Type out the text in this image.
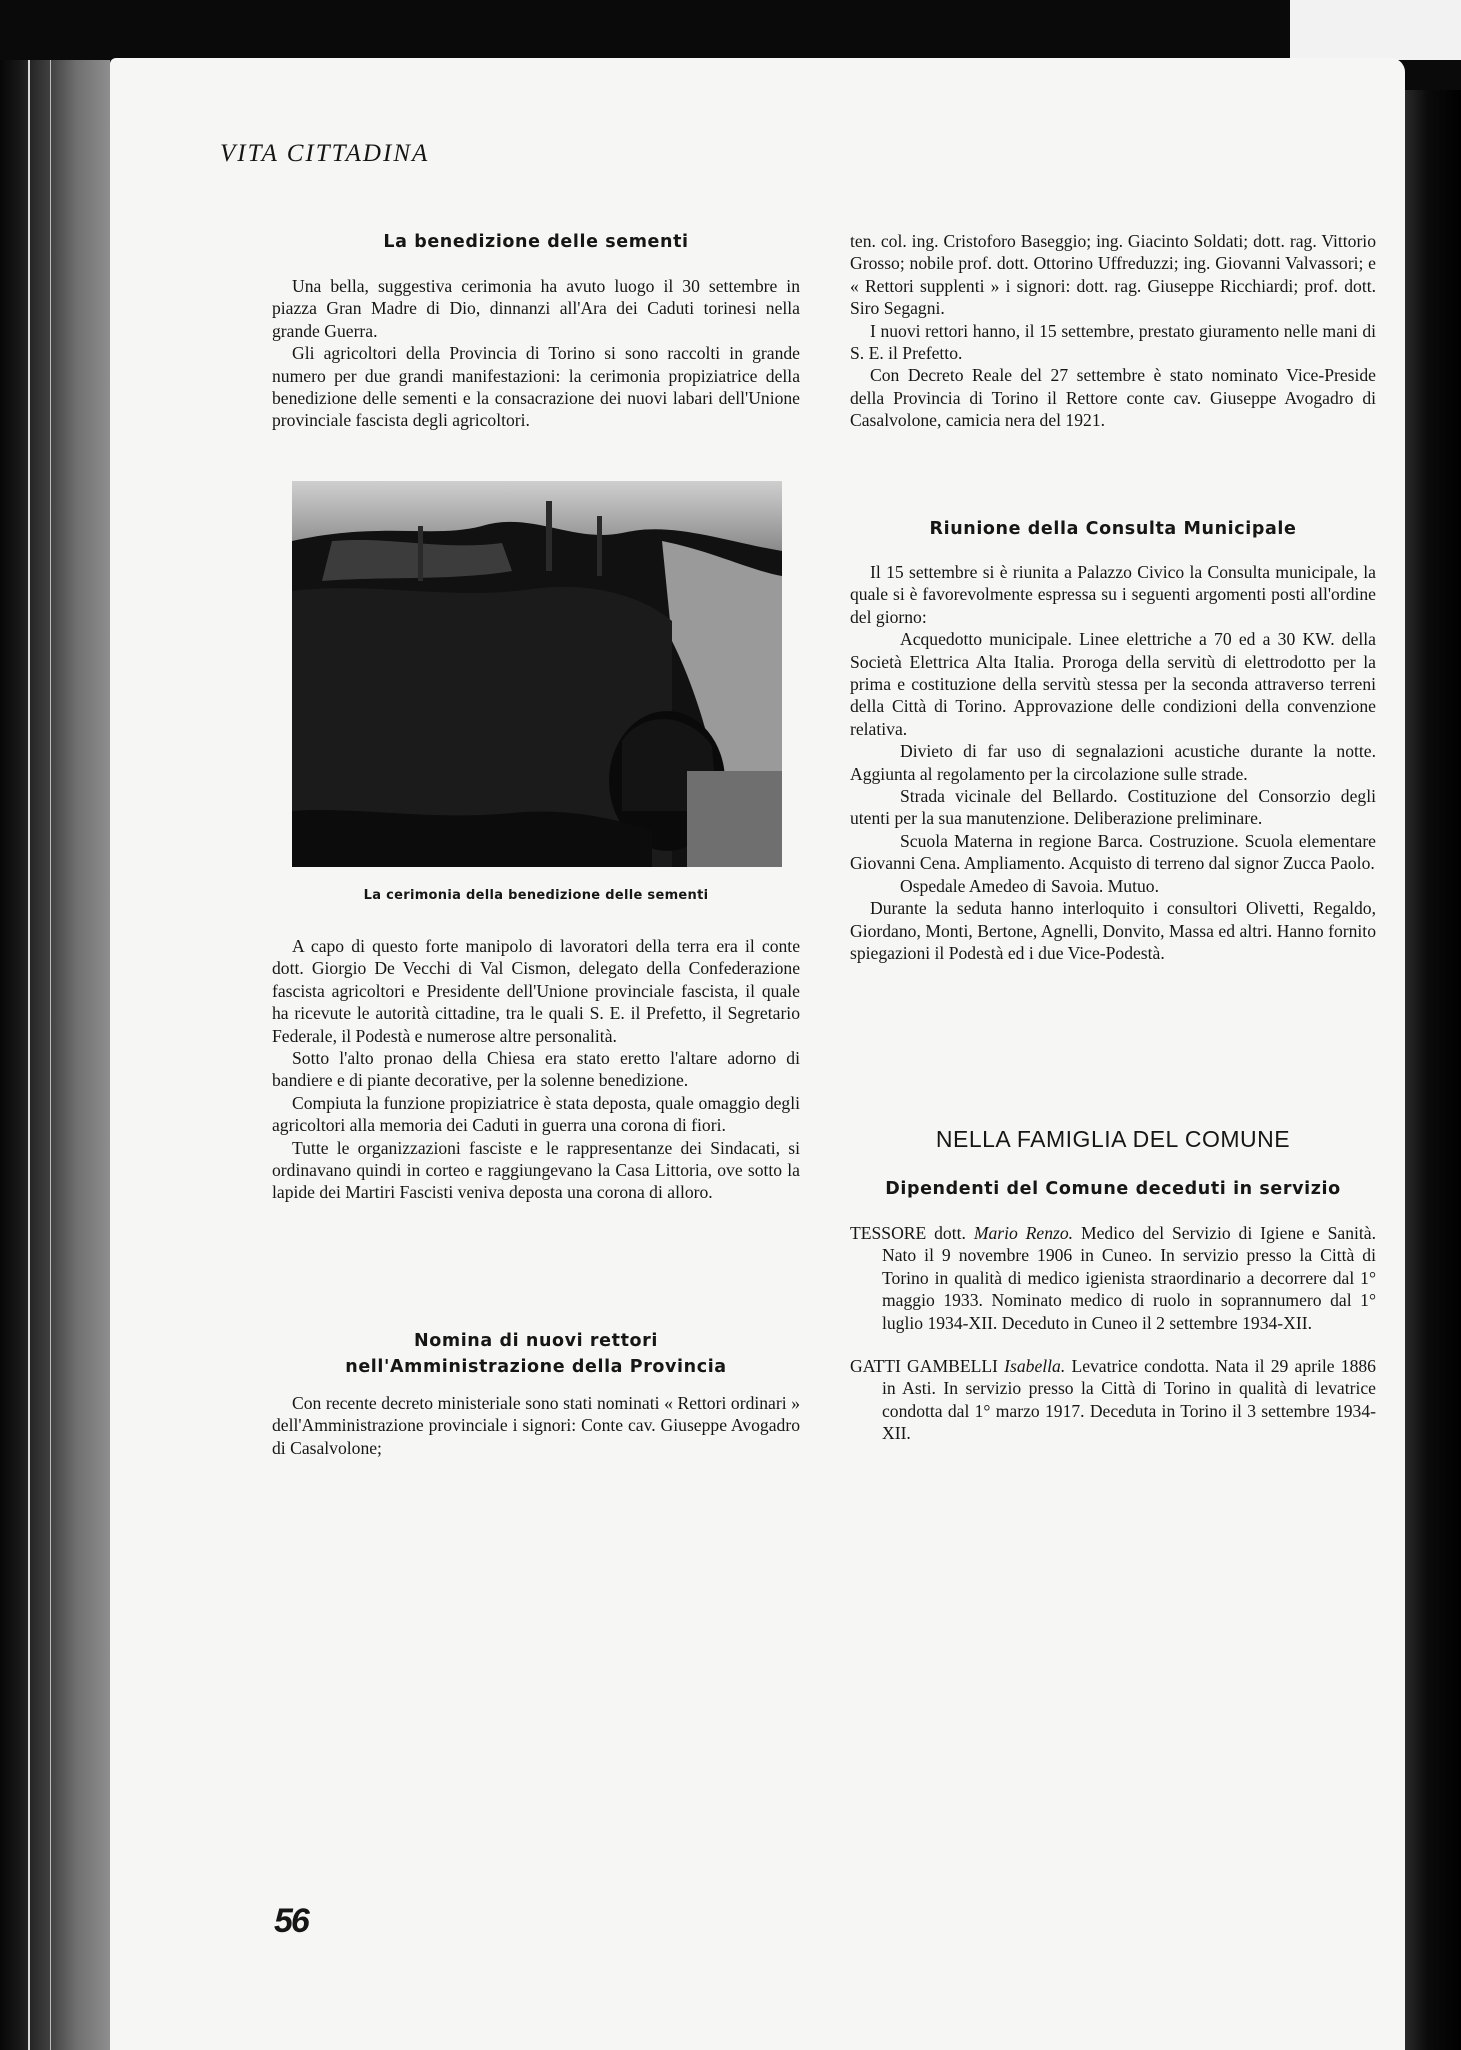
VITA CITTADINA
La benedizione delle sementi

Una bella, suggestiva cerimonia ha avuto luogo il 30 settembre in piazza Gran Madre di Dio, dinnanzi all'Ara dei Caduti torinesi nella grande Guerra.

Gli agricoltori della Provincia di Torino si sono raccolti in grande numero per due grandi manifestazioni: la cerimonia propiziatrice della benedizione delle sementi e la consacrazione dei nuovi labari dell'Unione provinciale fascista degli agricoltori.

La cerimonia della benedizione delle sementi

A capo di questo forte manipolo di lavoratori della terra era il conte dott. Giorgio De Vecchi di Val Cismon, delegato della Confederazione fascista agricoltori e Presidente dell'Unione provinciale fascista, il quale ha ricevute le autorità cittadine, tra le quali S. E. il Prefetto, il Segretario Federale, il Podestà e numerose altre personalità.

Sotto l'alto pronao della Chiesa era stato eretto l'altare adorno di bandiere e di piante decorative, per la solenne benedizione.

Compiuta la funzione propiziatrice è stata deposta, quale omaggio degli agricoltori alla memoria dei Caduti in guerra una corona di fiori.

Tutte le organizzazioni fasciste e le rappresentanze dei Sindacati, si ordinavano quindi in corteo e raggiungevano la Casa Littoria, ove sotto la lapide dei Martiri Fascisti veniva deposta una corona di alloro.

Nomina di nuovi rettori
nell'Amministrazione della Provincia

Con recente decreto ministeriale sono stati nominati « Rettori ordinari » dell'Amministrazione provinciale i signori: Conte cav. Giuseppe Avogadro di Casalvolone;

ten. col. ing. Cristoforo Baseggio; ing. Giacinto Soldati; dott. rag. Vittorio Grosso; nobile prof. dott. Ottorino Uffreduzzi; ing. Giovanni Valvassori; e « Rettori supplenti » i signori: dott. rag. Giuseppe Ricchiardi; prof. dott. Siro Segagni.

I nuovi rettori hanno, il 15 settembre, prestato giuramento nelle mani di S. E. il Prefetto.

Con Decreto Reale del 27 settembre è stato nominato Vice-Preside della Provincia di Torino il Rettore conte cav. Giuseppe Avogadro di Casalvolone, camicia nera del 1921.

Riunione della Consulta Municipale

Il 15 settembre si è riunita a Palazzo Civico la Consulta municipale, la quale si è favorevolmente espressa su i seguenti argomenti posti all'ordine del giorno:

Acquedotto municipale. Linee elettriche a 70 ed a 30 KW. della Società Elettrica Alta Italia. Proroga della servitù di elettrodotto per la prima e costituzione della servitù stessa per la seconda attraverso terreni della Città di Torino. Approvazione delle condizioni della convenzione relativa.

Divieto di far uso di segnalazioni acustiche durante la notte. Aggiunta al regolamento per la circolazione sulle strade.

Strada vicinale del Bellardo. Costituzione del Consorzio degli utenti per la sua manutenzione. Deliberazione preliminare.

Scuola Materna in regione Barca. Costruzione. Scuola elementare Giovanni Cena. Ampliamento. Acquisto di terreno dal signor Zucca Paolo.

Ospedale Amedeo di Savoia. Mutuo.

Durante la seduta hanno interloquito i consultori Olivetti, Regaldo, Giordano, Monti, Bertone, Agnelli, Donvito, Massa ed altri. Hanno fornito spiegazioni il Podestà ed i due Vice-Podestà.

NELLA FAMIGLIA DEL COMUNE
Dipendenti del Comune deceduti in servizio

TESSORE dott. Mario Renzo. Medico del Servizio di Igiene e Sanità. Nato il 9 novembre 1906 in Cuneo. In servizio presso la Città di Torino in qualità di medico igienista straordinario a decorrere dal 1° maggio 1933. Nominato medico di ruolo in soprannumero dal 1° luglio 1934-XII. Deceduto in Cuneo il 2 settembre 1934-XII.

GATTI GAMBELLI Isabella. Levatrice condotta. Nata il 29 aprile 1886 in Asti. In servizio presso la Città di Torino in qualità di levatrice condotta dal 1° marzo 1917. Deceduta in Torino il 3 settembre 1934-XII.

56
